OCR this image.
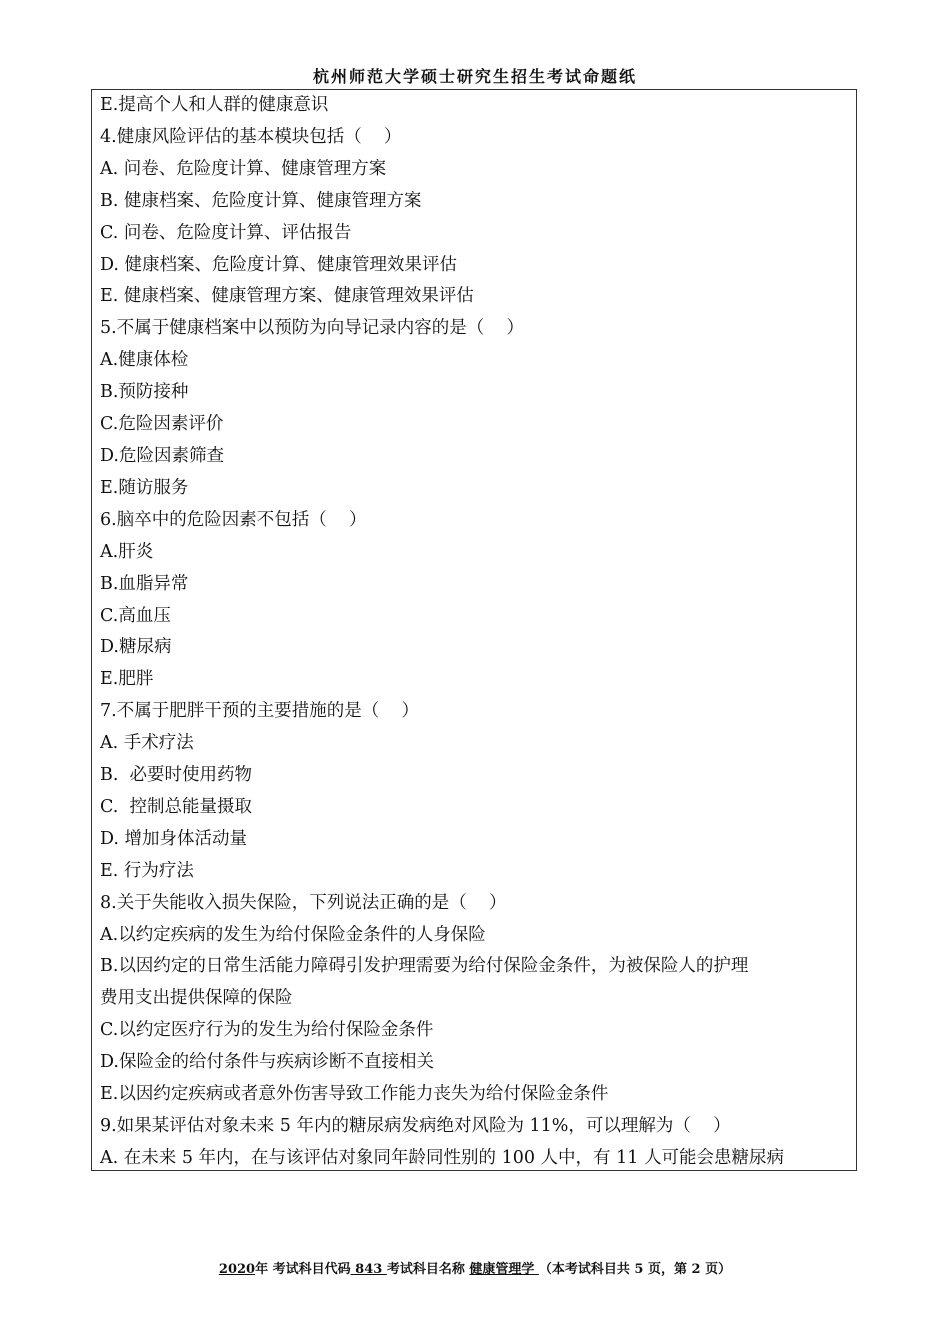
杭州师范大学硕士研究生招生考试命题纸
E.提高个人和人群的健康意识
4.健康风险评估的基本模块包括（    ）
A. 问卷、危险度计算、健康管理方案
B. 健康档案、危险度计算、健康管理方案
C. 问卷、危险度计算、评估报告
D. 健康档案、危险度计算、健康管理效果评估
E. 健康档案、健康管理方案、健康管理效果评估
5.不属于健康档案中以预防为向导记录内容的是（    ）
A.健康体检
B.预防接种
C.危险因素评价
D.危险因素筛查
E.随访服务
6.脑卒中的危险因素不包括（    ）
A.肝炎
B.血脂异常
C.高血压
D.糖尿病
E.肥胖
7.不属于肥胖干预的主要措施的是（    ）
A. 手术疗法
B.  必要时使用药物
C.  控制总能量摄取
D. 增加身体活动量
E. 行为疗法
8.关于失能收入损失保险，下列说法正确的是（    ）
A.以约定疾病的发生为给付保险金条件的人身保险
B.以因约定的日常生活能力障碍引发护理需要为给付保险金条件，为被保险人的护理
费用支出提供保障的保险
C.以约定医疗行为的发生为给付保险金条件
D.保险金的给付条件与疾病诊断不直接相关
E.以因约定疾病或者意外伤害导致工作能力丧失为给付保险金条件
9.如果某评估对象未来 5 年内的糖尿病发病绝对风险为 11%，可以理解为（    ）
A. 在未来 5 年内，在与该评估对象同年龄同性别的 100 人中，有 11 人可能会患糖尿病
2020年 考试科目代码 843 考试科目名称 健康管理学 （本考试科目共 5 页，第 2 页）
